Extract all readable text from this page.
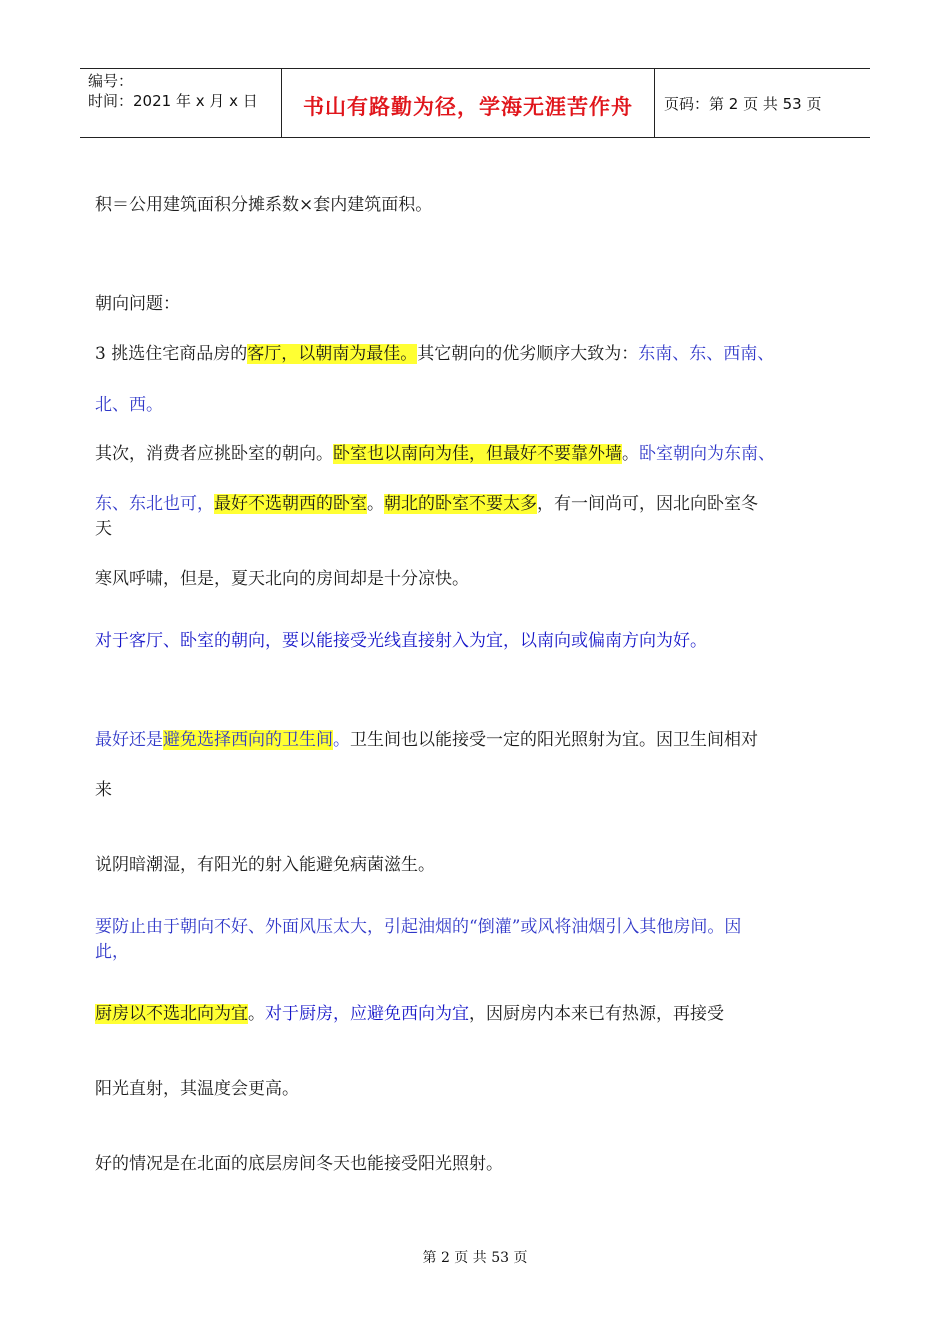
编号：
时间：2021 年 x 月 x 日	书山有路勤为径，学海无涯苦作舟	页码：第 2 页 共 53 页
积＝公用建筑面积分摊系数×套内建筑面积。
朝向问题：
3 挑选住宅商品房的客厅，以朝南为最佳。其它朝向的优劣顺序大致为：东南、东、西南、
北、西。
其次，消费者应挑卧室的朝向。卧室也以南向为佳，但最好不要靠外墙。卧室朝向为东南、
东、东北也可，最好不选朝西的卧室。朝北的卧室不要太多，有一间尚可，因北向卧室冬
天
寒风呼啸，但是，夏天北向的房间却是十分凉快。
对于客厅、卧室的朝向，要以能接受光线直接射入为宜，以南向或偏南方向为好。
最好还是避免选择西向的卫生间。卫生间也以能接受一定的阳光照射为宜。因卫生间相对
来
说阴暗潮湿，有阳光的射入能避免病菌滋生。
要防止由于朝向不好、外面风压太大，引起油烟的“倒灌”或风将油烟引入其他房间。因
此，
厨房以不选北向为宜。对于厨房，应避免西向为宜，因厨房内本来已有热源，再接受
阳光直射，其温度会更高。
好的情况是在北面的底层房间冬天也能接受阳光照射。
第 2 页 共 53 页
